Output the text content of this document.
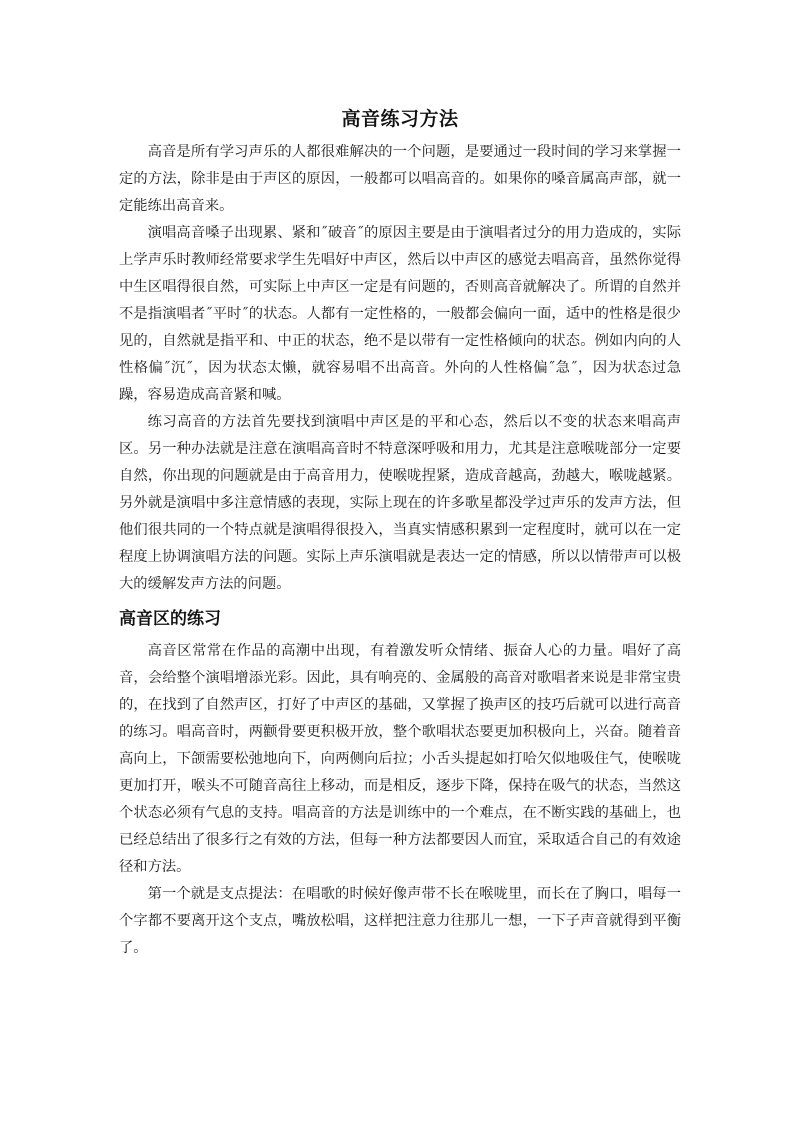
高音练习方法

高音是所有学习声乐的人都很难解决的一个问题，是要通过一段时间的学习来掌握一定的方法，除非是由于声区的原因，一般都可以唱高音的。如果你的嗓音属高声部，就一定能练出高音来。

演唱高音嗓子出现累、紧和˝破音˝的原因主要是由于演唱者过分的用力造成的，实际上学声乐时教师经常要求学生先唱好中声区，然后以中声区的感觉去唱高音，虽然你觉得中生区唱得很自然，可实际上中声区一定是有问题的，否则高音就解决了。所谓的自然并不是指演唱者˝平时˝的状态。人都有一定性格的，一般都会偏向一面，适中的性格是很少见的，自然就是指平和、中正的状态，绝不是以带有一定性格倾向的状态。例如内向的人性格偏˝沉˝，因为状态太懒，就容易唱不出高音。外向的人性格偏˝急˝，因为状态过急躁，容易造成高音紧和喊。

练习高音的方法首先要找到演唱中声区是的平和心态，然后以不变的状态来唱高声区。另一种办法就是注意在演唱高音时不特意深呼吸和用力，尤其是注意喉咙部分一定要自然，你出现的问题就是由于高音用力，使喉咙捏紧，造成音越高，劲越大，喉咙越紧。另外就是演唱中多注意情感的表现，实际上现在的许多歌星都没学过声乐的发声方法，但他们很共同的一个特点就是演唱得很投入，当真实情感积累到一定程度时，就可以在一定程度上协调演唱方法的问题。实际上声乐演唱就是表达一定的情感，所以以情带声可以极大的缓解发声方法的问题。

高音区的练习

高音区常常在作品的高潮中出现，有着激发听众情绪、振奋人心的力量。唱好了高音，会给整个演唱增添光彩。因此，具有响亮的、金属般的高音对歌唱者来说是非常宝贵的，在找到了自然声区，打好了中声区的基础，又掌握了换声区的技巧后就可以进行高音的练习。唱高音时，两颧骨要更积极开放，整个歌唱状态要更加积极向上，兴奋。随着音高向上，下颌需要松弛地向下，向两侧向后拉；小舌头提起如打哈欠似地吸住气，使喉咙更加打开，喉头不可随音高往上移动，而是相反，逐步下降，保持在吸气的状态，当然这个状态必须有气息的支持。唱高音的方法是训练中的一个难点，在不断实践的基础上，也已经总结出了很多行之有效的方法，但每一种方法都要因人而宜，采取适合自己的有效途径和方法。

第一个就是支点提法：在唱歌的时候好像声带不长在喉咙里，而长在了胸口，唱每一个字都不要离开这个支点，嘴放松唱，这样把注意力往那儿一想，一下子声音就得到平衡了。
